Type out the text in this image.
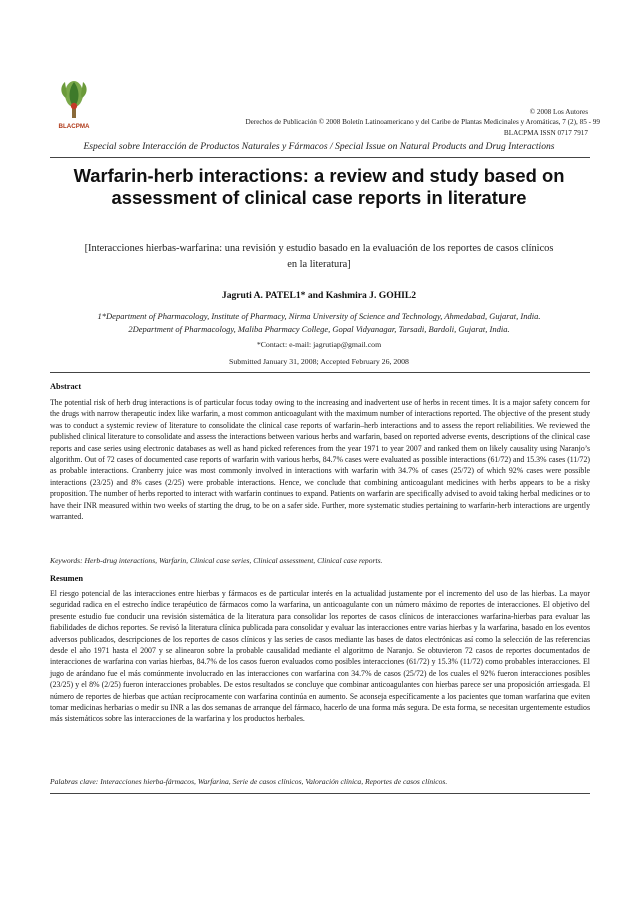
BLACPMA
© 2008 Los Autores
Derechos de Publicación © 2008 Boletín Latinoamericano y del Caribe de Plantas Medicinales y Aromáticas, 7 (2), 85 - 99
BLACPMA ISSN 0717 7917
Especial sobre Interacción de Productos Naturales y Fármacos / Special Issue on Natural Products and Drug Interactions
Warfarin-herb interactions: a review and study based on assessment of clinical case reports in literature
[Interacciones hierbas-warfarina: una revisión y estudio basado en la evaluación de los reportes de casos clínicos en la literatura]
Jagruti A. PATEL1* and Kashmira J. GOHIL2
1*Department of Pharmacology, Institute of Pharmacy, Nirma University of Science and Technology, Ahmedabad, Gujarat, India.
2Department of Pharmacology, Maliba Pharmacy College, Gopal Vidyanagar, Tarsadi, Bardoli, Gujarat, India.
*Contact: e-mail: jagrutiap@gmail.com
Submitted January 31, 2008; Accepted February 26, 2008
Abstract

The potential risk of herb drug interactions is of particular focus today owing to the increasing and inadvertent use of herbs in recent times. It is a major safety concern for the drugs with narrow therapeutic index like warfarin, a most common anticoagulant with the maximum number of interactions reported. The objective of the present study was to conduct a systemic review of literature to consolidate the clinical case reports of warfarin–herb interactions and to assess the report reliabilities. We reviewed the published clinical literature to consolidate and assess the interactions between various herbs and warfarin, based on reported adverse events, descriptions of the clinical case reports and case series using electronic databases as well as hand picked references from the year 1971 to year 2007 and ranked them on likely causality using Naranjo’s algorithm. Out of 72 cases of documented case reports of warfarin with various herbs, 84.7% cases were evaluated as possible interactions (61/72) and 15.3% cases (11/72) as probable interactions. Cranberry juice was most commonly involved in interactions with warfarin with 34.7% of cases (25/72) of which 92% cases were possible interactions (23/25) and 8% cases (2/25) were probable interactions. Hence, we conclude that combining anticoagulant medicines with herbs appears to be a risky proposition. The number of herbs reported to interact with warfarin continues to expand. Patients on warfarin are specifically advised to avoid taking herbal medicines or to have their INR measured within two weeks of starting the drug, to be on a safer side. Further, more systematic studies pertaining to warfarin-herb interactions are urgently warranted.

Keywords: Herb-drug interactions, Warfarin, Clinical case series, Clinical assessment, Clinical case reports.
Resumen

El riesgo potencial de las interacciones entre hierbas y fármacos es de particular interés en la actualidad justamente por el incremento del uso de las hierbas. La mayor seguridad radica en el estrecho índice terapéutico de fármacos como la warfarina, un anticoagulante con un número máximo de reportes de interacciones. El objetivo del presente estudio fue conducir una revisión sistemática de la literatura para consolidar los reportes de casos clínicos de interacciones warfarina-hierbas para evaluar las fiabilidades de dichos reportes. Se revisó la literatura clínica publicada para consolidar y evaluar las interacciones entre varias hierbas y la warfarina, basado en los eventos adversos publicados, descripciones de los reportes de casos clínicos y las series de casos mediante las bases de datos electrónicas así como la selección de las referencias desde el año 1971 hasta el 2007 y se alinearon sobre la probable causalidad mediante el algoritmo de Naranjo. Se obtuvieron 72 casos de reportes documentados de interacciones de warfarina con varias hierbas, 84.7% de los casos fueron evaluados como posibles interacciones (61/72) y 15.3% (11/72) como probables interacciones. El jugo de arándano fue el más comúnmente involucrado en las interacciones con warfarina con 34.7% de casos (25/72) de los cuales el 92% fueron interacciones posibles (23/25) y el 8% (2/25) fueron interacciones probables. De estos resultados se concluye que combinar anticoagulantes con hierbas parece ser una proposición arriesgada. El número de reportes de hierbas que actúan recíprocamente con warfarina continúa en aumento. Se aconseja específicamente a los pacientes que toman warfarina que eviten tomar medicinas herbarias o medir su INR a las dos semanas de arranque del fármaco, hacerlo de una forma más segura. De esta forma, se necesitan urgentemente estudios más sistemáticos sobre las interacciones de la warfarina y los productos herbales.

Palabras clave: Interacciones hierba-fármacos, Warfarina, Serie de casos clínicos, Valoración clínica, Reportes de casos clínicos.
